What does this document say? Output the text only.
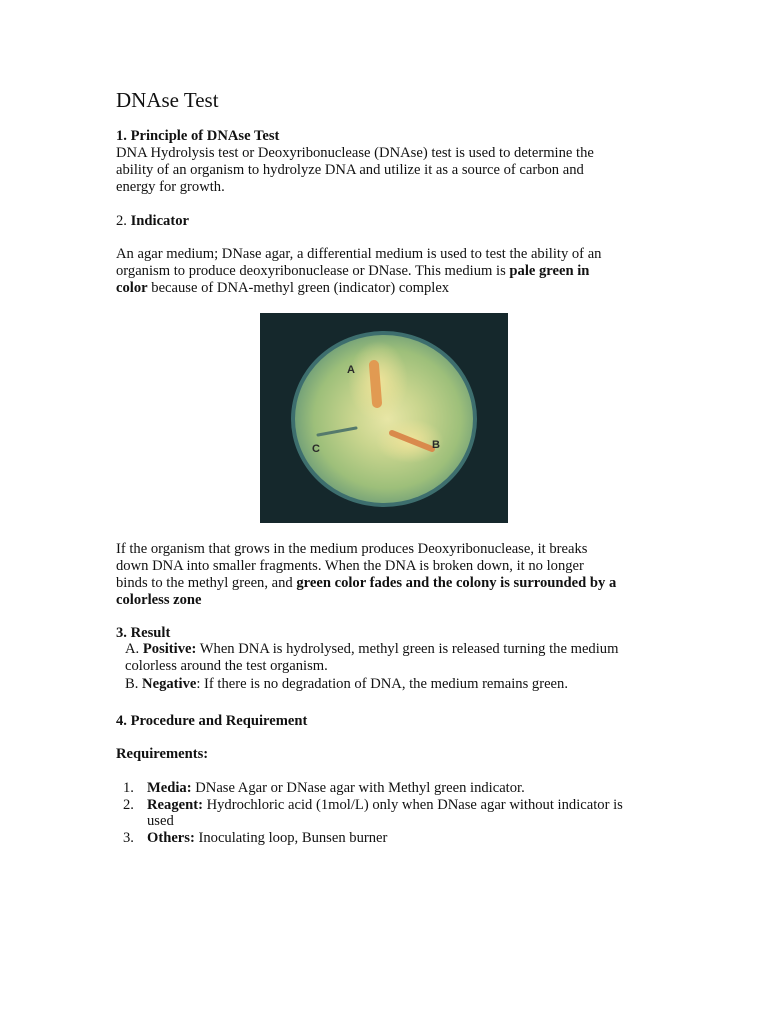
DNAse Test
1. Principle of DNAse Test
DNA Hydrolysis test or Deoxyribonuclease (DNAse) test is used to determine the
ability of an organism to hydrolyze DNA and utilize it as a source of carbon and
energy for growth.
2. Indicator
An agar medium; DNase agar, a differential medium is used to test the ability of an
organism to produce deoxyribonuclease or DNase. This medium is pale green in
color because of DNA-methyl green (indicator) complex
A
B
C
If the organism that grows in the medium produces Deoxyribonuclease, it breaks
down DNA into smaller fragments. When the DNA is broken down, it no longer
binds to the methyl green, and green color fades and the colony is surrounded by a
colorless zone
3. Result
A. Positive: When DNA is hydrolysed, methyl green is released turning the medium
colorless around the test organism.
B. Negative: If there is no degradation of DNA, the medium remains green.
4. Procedure and Requirement
Requirements:
1. Media: DNase Agar or DNase agar with Methyl green indicator.
2. Reagent: Hydrochloric acid (1mol/L) only when DNase agar without indicator is
used
3. Others: Inoculating loop, Bunsen burner
